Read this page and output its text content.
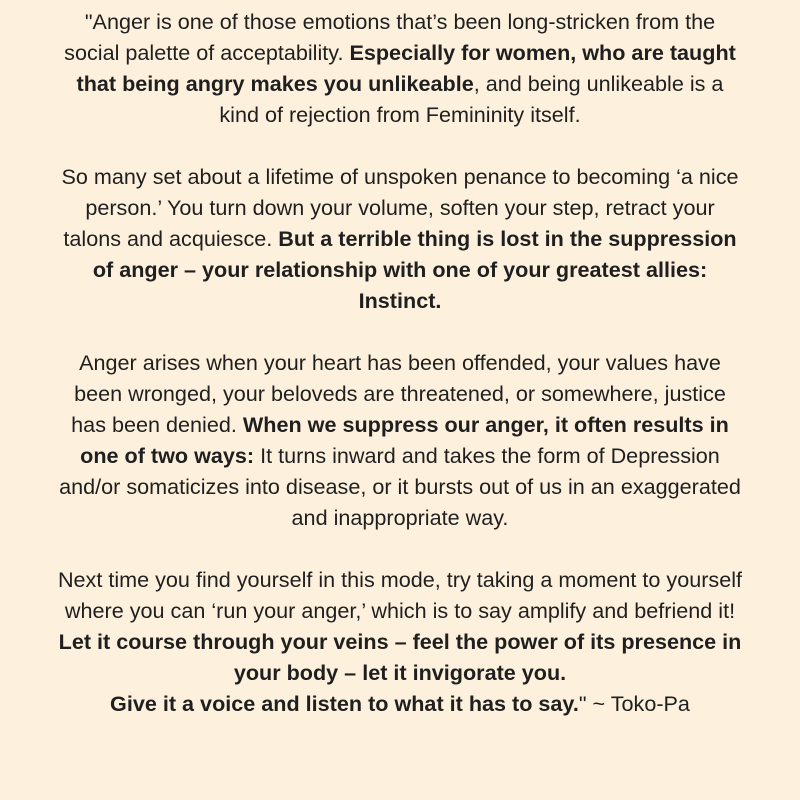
"Anger is one of those emotions that’s been long-stricken from the
social palette of acceptability. Especially for women, who are taught
that being angry makes you unlikeable, and being unlikeable is a
kind of rejection from Femininity itself.

So many set about a lifetime of unspoken penance to becoming ‘a nice
person.’ You turn down your volume, soften your step, retract your
talons and acquiesce. But a terrible thing is lost in the suppression
of anger – your relationship with one of your greatest allies:
Instinct.

Anger arises when your heart has been offended, your values have
been wronged, your beloveds are threatened, or somewhere, justice
has been denied. When we suppress our anger, it often results in
one of two ways: It turns inward and takes the form of Depression
and/or somaticizes into disease, or it bursts out of us in an exaggerated
and inappropriate way.

Next time you find yourself in this mode, try taking a moment to yourself
where you can ‘run your anger,’ which is to say amplify and befriend it!
Let it course through your veins – feel the power of its presence in
your body – let it invigorate you.
Give it a voice and listen to what it has to say." ~ Toko-Pa
